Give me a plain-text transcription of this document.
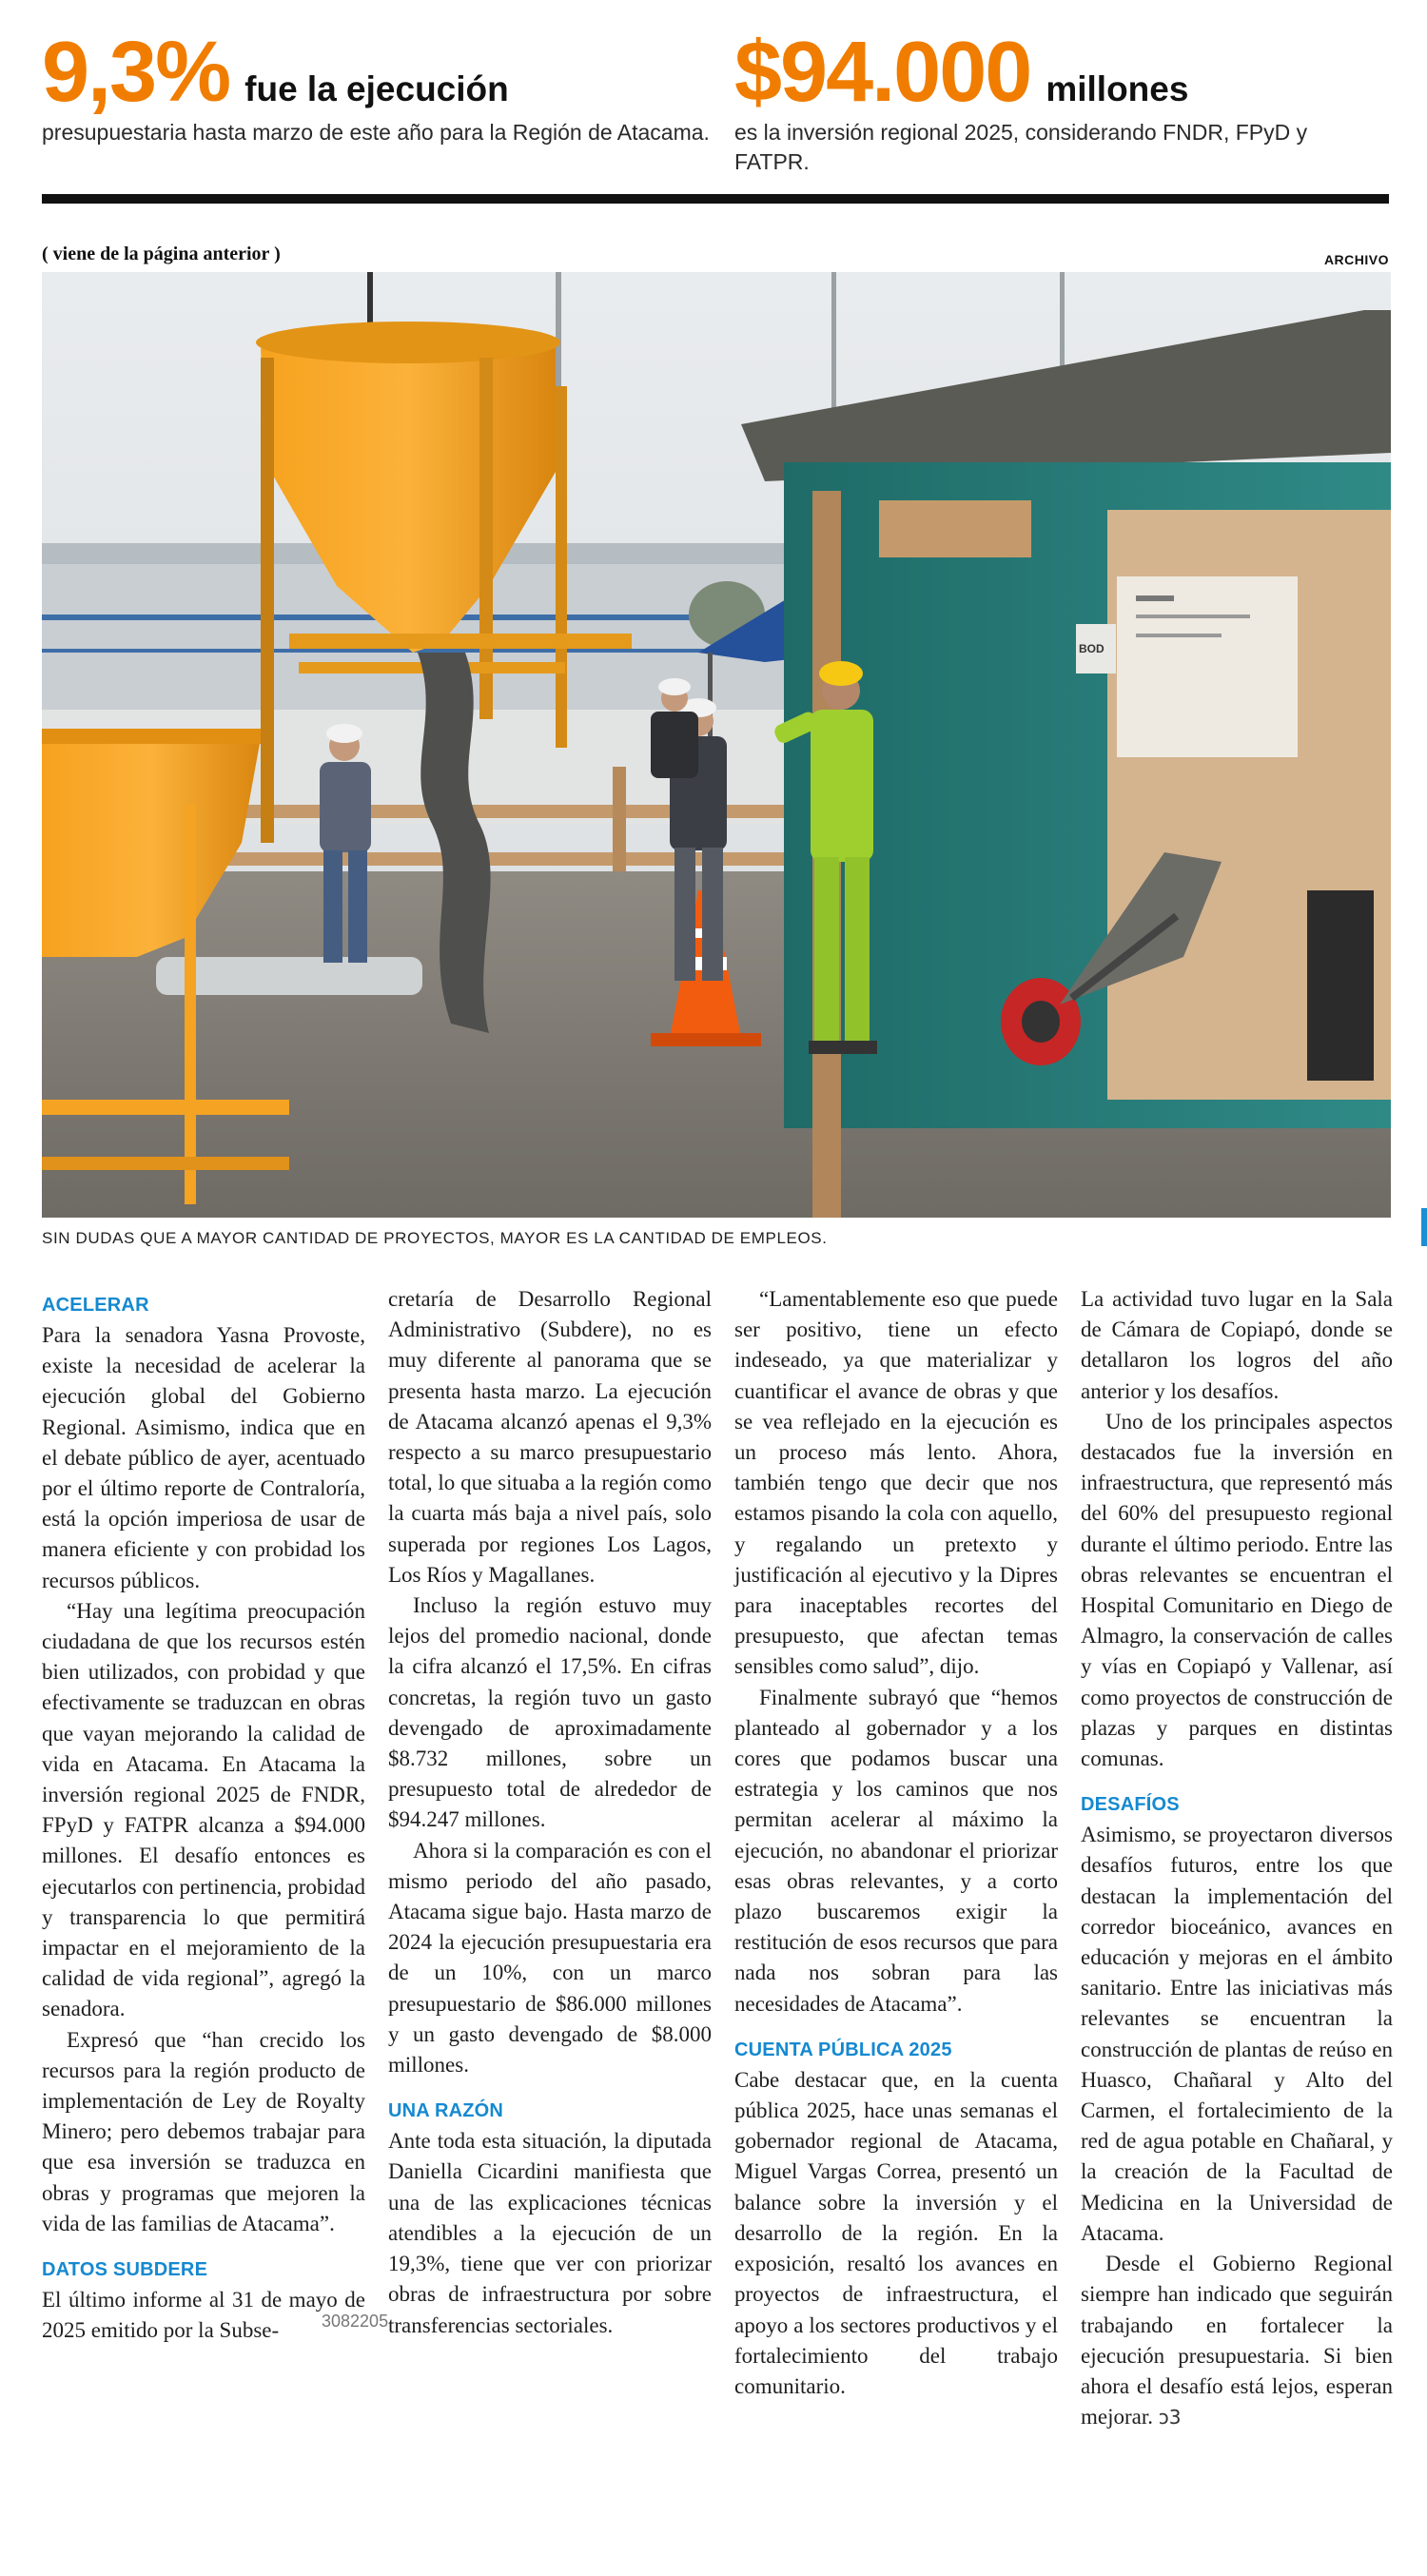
9,3% fue la ejecución
presupuestaria hasta marzo de este año para la Región de Atacama.
$94.000 millones
es la inversión regional 2025, considerando FNDR, FPyD y FATPR.
( viene de la página anterior )	ARCHIVO
BOD
SIN DUDAS QUE A MAYOR CANTIDAD DE PROYECTOS, MAYOR ES LA CANTIDAD DE EMPLEOS.
ACELERAR

Para la senadora Yasna Provoste, existe la necesidad de acelerar la ejecución global del Gobierno Regional. Asimismo, indica que en el debate público de ayer, acentuado por el último reporte de Contraloría, está la opción imperiosa de usar de manera eficiente y con probidad los recursos públicos.

“Hay una legítima preocupación ciudadana de que los recursos estén bien utilizados, con probidad y que efectivamente se traduzcan en obras que vayan mejorando la calidad de vida en Atacama. En Atacama la inversión regional 2025 de FNDR, FPyD y FATPR alcanza a $94.000 millones. El desafío entonces es ejecutarlos con pertinencia, probidad y transparencia lo que permitirá impactar en el mejoramiento de la calidad de vida regional”, agregó la senadora.

Expresó que “han crecido los recursos para la región producto de implementación de Ley de Royalty Minero; pero debemos trabajar para que esa inversión se traduzca en obras y programas que mejoren la vida de las familias de Atacama”.

DATOS SUBDERE

El último informe al 31 de mayo de 2025 emitido por la Subse-

cretaría de Desarrollo Regional Administrativo (Subdere), no es muy diferente al panorama que se presenta hasta marzo. La ejecución de Atacama alcanzó apenas el 9,3% respecto a su marco presupuestario total, lo que situaba a la región como la cuarta más baja a nivel país, solo superada por regiones Los Lagos, Los Ríos y Magallanes.

Incluso la región estuvo muy lejos del promedio nacional, donde la cifra alcanzó el 17,5%. En cifras concretas, la región tuvo un gasto devengado de aproximadamente $8.732 millones, sobre un presupuesto total de alrededor de $94.247 millones.

Ahora si la comparación es con el mismo periodo del año pasado, Atacama sigue bajo. Hasta marzo de 2024 la ejecución presupuestaria era de un 10%, con un marco presupuestario de $86.000 millones y un gasto devengado de $8.000 millones.

UNA RAZÓN

Ante toda esta situación, la diputada Daniella Cicardini manifiesta que una de las explicaciones técnicas atendibles a la ejecución de un 19,3%, tiene que ver con priorizar obras de infraestructura por sobre transferencias sectoriales.

“Lamentablemente eso que puede ser positivo, tiene un efecto indeseado, ya que materializar y cuantificar el avance de obras y que se vea reflejado en la ejecución es un proceso más lento. Ahora, también tengo que decir que nos estamos pisando la cola con aquello, y regalando un pretexto y justificación al ejecutivo y la Dipres para inaceptables recortes del presupuesto, que afectan temas sensibles como salud”, dijo.

Finalmente subrayó que “hemos planteado al gobernador y a los cores que podamos buscar una estrategia y los caminos que nos permitan acelerar al máximo la ejecución, no abandonar el priorizar esas obras relevantes, y a corto plazo buscaremos exigir la restitución de esos recursos que para nada nos sobran para las necesidades de Atacama”.

CUENTA PÚBLICA 2025

Cabe destacar que, en la cuenta pública 2025, hace unas semanas el gobernador regional de Atacama, Miguel Vargas Correa, presentó un balance sobre la inversión y el desarrollo de la región. En la exposición, resaltó los avances en proyectos de infraestructura, el apoyo a los sectores productivos y el fortalecimiento del trabajo comunitario.

La actividad tuvo lugar en la Sala de Cámara de Copiapó, donde se detallaron los logros del año anterior y los desafíos.

Uno de los principales aspectos destacados fue la inversión en infraestructura, que representó más del 60% del presupuesto regional durante el último periodo. Entre las obras relevantes se encuentran el Hospital Comunitario en Diego de Almagro, la conservación de calles y vías en Copiapó y Vallenar, así como proyectos de construcción de plazas y parques en distintas comunas.

DESAFÍOS

Asimismo, se proyectaron diversos desafíos futuros, entre los que destacan la implementación del corredor bioceánico, avances en educación y mejoras en el ámbito sanitario. Entre las iniciativas más relevantes se encuentran la construcción de plantas de reúso en Huasco, Chañaral y Alto del Carmen, el fortalecimiento de la red de agua potable en Chañaral, y la creación de la Facultad de Medicina en la Universidad de Atacama.

Desde el Gobierno Regional siempre han indicado que seguirán trabajando en fortalecer la ejecución presupuestaria. Si bien ahora el desafío está lejos, esperan mejorar. ↄ3

3082205
